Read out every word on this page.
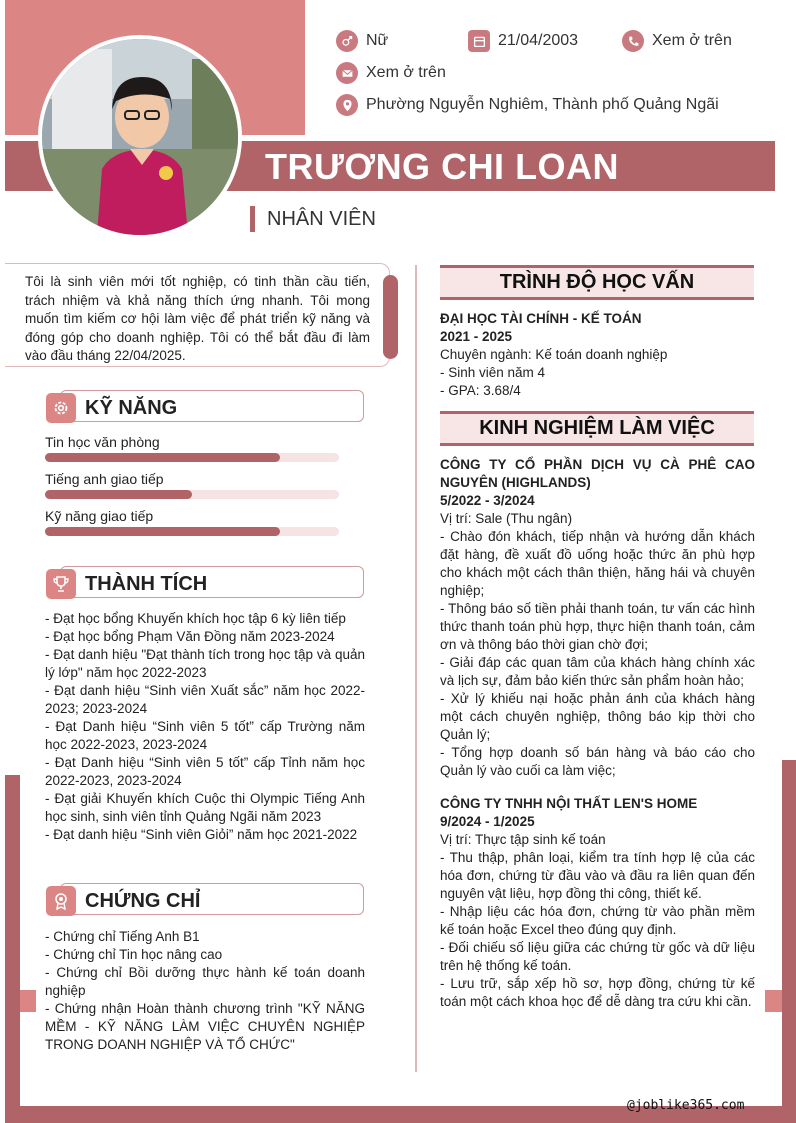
Nữ	21/04/2003	Xem ở trên
Xem ở trên
Phường Nguyễn Nghiêm, Thành phố Quảng Ngãi
TRƯƠNG CHI LOAN
NHÂN VIÊN
Tôi là sinh viên mới tốt nghiệp, có tinh thần cầu tiến, trách nhiệm và khả năng thích ứng nhanh. Tôi mong muốn tìm kiếm cơ hội làm việc để phát triển kỹ năng và đóng góp cho doanh nghiệp. Tôi có thể bắt đầu đi làm vào đầu tháng 22/04/2025.
KỸ NĂNG
Tin học văn phòng
Tiếng anh giao tiếp
Kỹ năng giao tiếp
THÀNH TÍCH
- Đạt học bổng Khuyến khích học tập 6 kỳ liên tiếp
- Đạt học bổng Phạm Văn Đồng năm 2023-2024
- Đạt danh hiệu "Đạt thành tích trong học tập và quản lý lớp" năm học 2022-2023
- Đạt danh hiệu “Sinh viên Xuất sắc” năm học 2022-2023; 2023-2024
- Đạt Danh hiệu “Sinh viên 5 tốt” cấp Trường năm học 2022-2023, 2023-2024
- Đạt Danh hiệu “Sinh viên 5 tốt” cấp Tỉnh năm học 2022-2023, 2023-2024
- Đạt giải Khuyến khích Cuộc thi Olympic Tiếng Anh học sinh, sinh viên tỉnh Quảng Ngãi năm 2023
- Đạt danh hiệu “Sinh viên Giỏi” năm học 2021-2022
CHỨNG CHỈ
- Chứng chỉ Tiếng Anh B1
- Chứng chỉ Tin học nâng cao
- Chứng chỉ Bồi dưỡng thực hành kế toán doanh nghiệp
- Chứng nhận Hoàn thành chương trình "KỸ NĂNG MỀM - KỸ NĂNG LÀM VIỆC CHUYÊN NGHIỆP TRONG DOANH NGHIỆP VÀ TỔ CHỨC"
TRÌNH ĐỘ HỌC VẤN
ĐẠI HỌC TÀI CHÍNH - KẾ TOÁN
2021 - 2025
Chuyên ngành: Kế toán doanh nghiệp
- Sinh viên năm 4
- GPA: 3.68/4
KINH NGHIỆM LÀM VIỆC
CÔNG TY CỔ PHẦN DỊCH VỤ CÀ PHÊ CAO NGUYÊN (HIGHLANDS)
5/2022 - 3/2024
Vị trí: Sale (Thu ngân)
- Chào đón khách, tiếp nhận và hướng dẫn khách đặt hàng, đề xuất đồ uống hoặc thức ăn phù hợp cho khách một cách thân thiện, hăng hái và chuyên nghiệp;
- Thông báo số tiền phải thanh toán, tư vấn các hình thức thanh toán phù hợp, thực hiện thanh toán, cảm ơn và thông báo thời gian chờ đợi;
- Giải đáp các quan tâm của khách hàng chính xác và lịch sự, đảm bảo kiến thức sản phẩm hoàn hảo;
- Xử lý khiếu nại hoặc phản ánh của khách hàng một cách chuyên nghiệp, thông báo kịp thời cho Quản lý;
- Tổng hợp doanh số bán hàng và báo cáo cho Quản lý vào cuối ca làm việc;
CÔNG TY TNHH NỘI THẤT LEN'S HOME
9/2024 - 1/2025
Vị trí: Thực tập sinh kế toán
- Thu thập, phân loại, kiểm tra tính hợp lệ của các hóa đơn, chứng từ đầu vào và đầu ra liên quan đến nguyên vật liệu, hợp đồng thi công, thiết kế.
- Nhập liệu các hóa đơn, chứng từ vào phần mềm kế toán hoặc Excel theo đúng quy định.
- Đối chiếu số liệu giữa các chứng từ gốc và dữ liệu trên hệ thống kế toán.
- Lưu trữ, sắp xếp hồ sơ, hợp đồng, chứng từ kế toán một cách khoa học để dễ dàng tra cứu khi cần.
@joblike365.com
